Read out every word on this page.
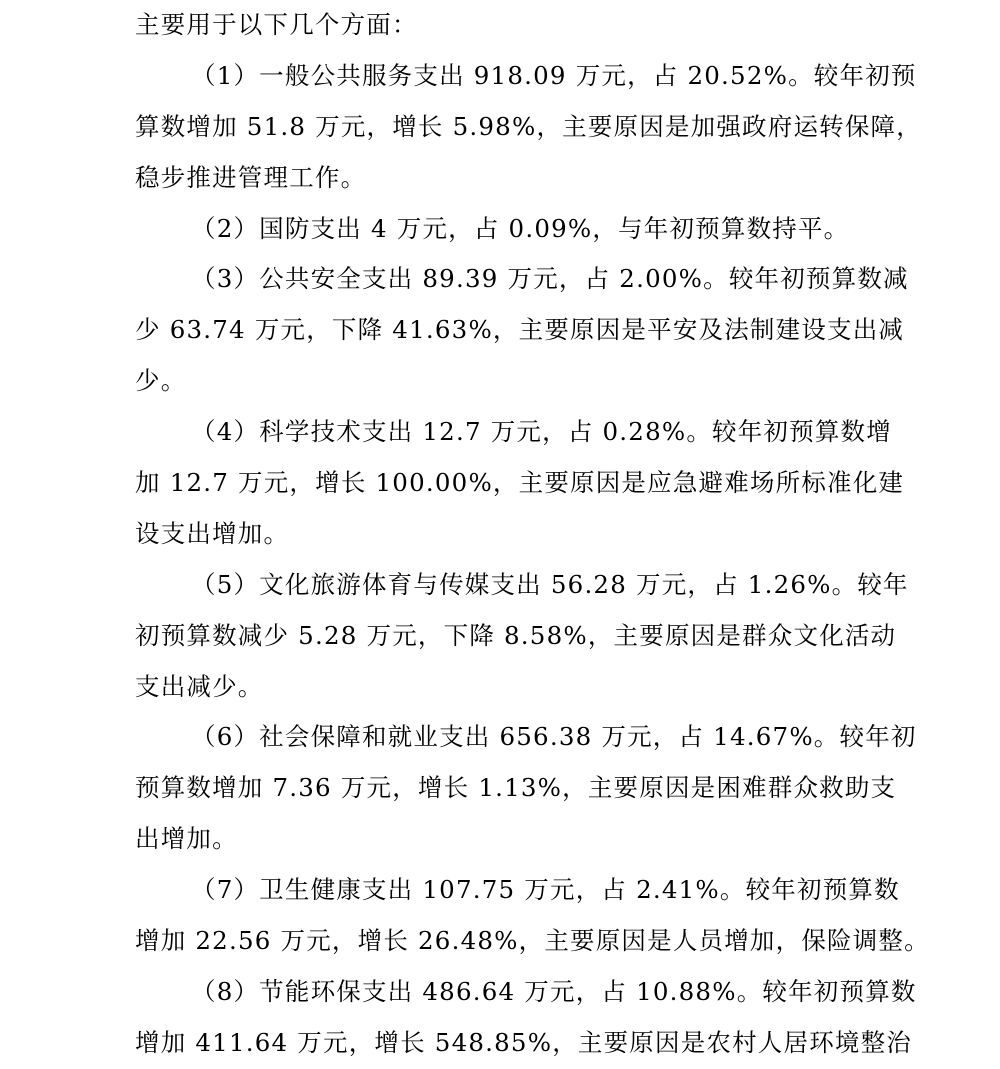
主要用于以下几个方面：
（1）一般公共服务支出 918.09 万元，占 20.52%。较年初预
算数增加 51.8 万元，增长 5.98%，主要原因是加强政府运转保障，
稳步推进管理工作。
（2）国防支出 4 万元，占 0.09%，与年初预算数持平。
（3）公共安全支出 89.39 万元，占 2.00%。较年初预算数减
少 63.74 万元，下降 41.63%，主要原因是平安及法制建设支出减
少。
（4）科学技术支出 12.7 万元，占 0.28%。较年初预算数增
加 12.7 万元，增长 100.00%，主要原因是应急避难场所标准化建
设支出增加。
（5）文化旅游体育与传媒支出 56.28 万元，占 1.26%。较年
初预算数减少 5.28 万元，下降 8.58%，主要原因是群众文化活动
支出减少。
（6）社会保障和就业支出 656.38 万元，占 14.67%。较年初
预算数增加 7.36 万元，增长 1.13%，主要原因是困难群众救助支
出增加。
（7）卫生健康支出 107.75 万元，占 2.41%。较年初预算数
增加 22.56 万元，增长 26.48%，主要原因是人员增加，保险调整。
（8）节能环保支出 486.64 万元，占 10.88%。较年初预算数
增加 411.64 万元，增长 548.85%，主要原因是农村人居环境整治
